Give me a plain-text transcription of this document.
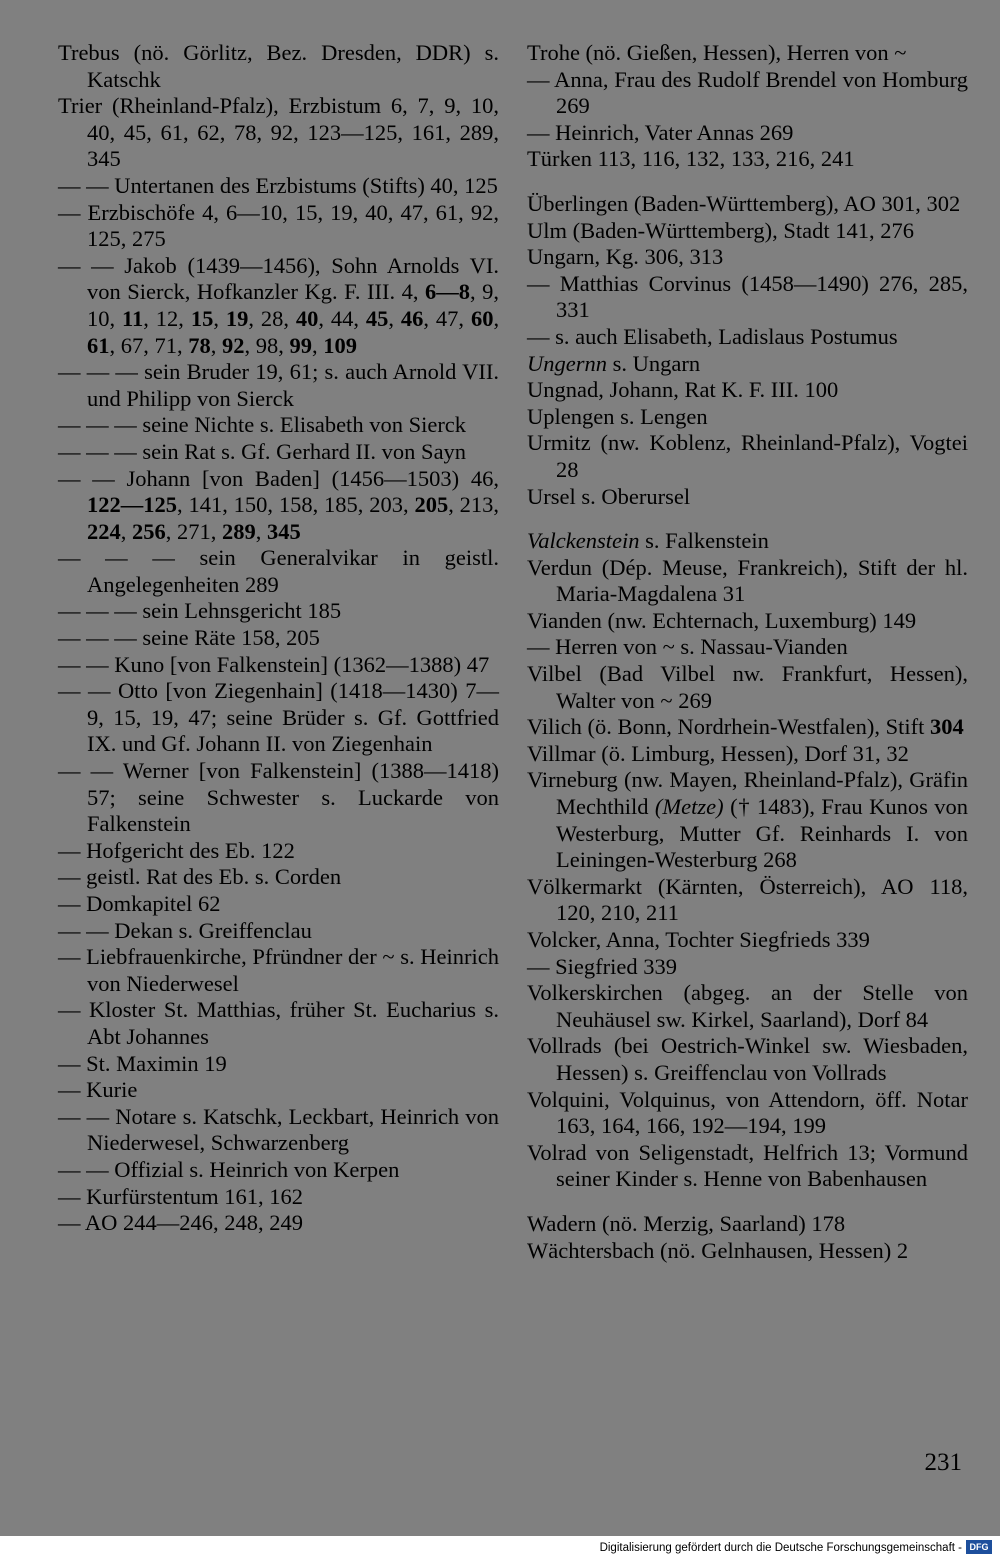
Trebus (nö. Görlitz, Bez. Dresden, DDR) s. Katschk
Trier (Rheinland-Pfalz), Erzbistum 6, 7, 9, 10, 40, 45, 61, 62, 78, 92, 123—125, 161, 289, 345
— — Untertanen des Erzbistums (Stifts) 40, 125
— Erzbischöfe 4, 6—10, 15, 19, 40, 47, 61, 92, 125, 275
— — Jakob (1439—1456), Sohn Arnolds VI. von Sierck, Hofkanzler Kg. F. III. 4, 6—8, 9, 10, 11, 12, 15, 19, 28, 40, 44, 45, 46, 47, 60, 61, 67, 71, 78, 92, 98, 99, 109
— — — sein Bruder 19, 61; s. auch Arnold VII. und Philipp von Sierck
— — — seine Nichte s. Elisabeth von Sierck
— — — sein Rat s. Gf. Gerhard II. von Sayn
— — Johann [von Baden] (1456—1503) 46, 122—125, 141, 150, 158, 185, 203, 205, 213, 224, 256, 271, 289, 345
— — — sein Generalvikar in geistl. Angelegenheiten 289
— — — sein Lehnsgericht 185
— — — seine Räte 158, 205
— — Kuno [von Falkenstein] (1362—1388) 47
— — Otto [von Ziegenhain] (1418—1430) 7—9, 15, 19, 47; seine Brüder s. Gf. Gottfried IX. und Gf. Johann II. von Ziegenhain
— — Werner [von Falkenstein] (1388—1418) 57; seine Schwester s. Luckarde von Falkenstein
— Hofgericht des Eb. 122
— geistl. Rat des Eb. s. Corden
— Domkapitel 62
— — Dekan s. Greiffenclau
— Liebfrauenkirche, Pfründner der ~ s. Heinrich von Niederwesel
— Kloster St. Matthias, früher St. Eucharius s. Abt Johannes
— St. Maximin 19
— Kurie
— — Notare s. Katschk, Leckbart, Heinrich von Niederwesel, Schwarzenberg
— — Offizial s. Heinrich von Kerpen
— Kurfürstentum 161, 162
— AO 244—246, 248, 249
Trohe (nö. Gießen, Hessen), Herren von ~
— Anna, Frau des Rudolf Brendel von Homburg 269
— Heinrich, Vater Annas 269
Türken 113, 116, 132, 133, 216, 241
Überlingen (Baden-Württemberg), AO 301, 302
Ulm (Baden-Württemberg), Stadt 141, 276
Ungarn, Kg. 306, 313
— Matthias Corvinus (1458—1490) 276, 285, 331
— s. auch Elisabeth, Ladislaus Postumus
Ungernn s. Ungarn
Ungnad, Johann, Rat K. F. III. 100
Uplengen s. Lengen
Urmitz (nw. Koblenz, Rheinland-Pfalz), Vogtei 28
Ursel s. Oberursel
Valckenstein s. Falkenstein
Verdun (Dép. Meuse, Frankreich), Stift der hl. Maria-Magdalena 31
Vianden (nw. Echternach, Luxemburg) 149
— Herren von ~ s. Nassau-Vianden
Vilbel (Bad Vilbel nw. Frankfurt, Hessen), Walter von ~ 269
Vilich (ö. Bonn, Nordrhein-Westfalen), Stift 304
Villmar (ö. Limburg, Hessen), Dorf 31, 32
Virneburg (nw. Mayen, Rheinland-Pfalz), Gräfin Mechthild (Metze) († 1483), Frau Kunos von Westerburg, Mutter Gf. Reinhards I. von Leiningen-Westerburg 268
Völkermarkt (Kärnten, Österreich), AO 118, 120, 210, 211
Volcker, Anna, Tochter Siegfrieds 339
— Siegfried 339
Volkerskirchen (abgeg. an der Stelle von Neuhäusel sw. Kirkel, Saarland), Dorf 84
Vollrads (bei Oestrich-Winkel sw. Wiesbaden, Hessen) s. Greiffenclau von Vollrads
Volquini, Volquinus, von Attendorn, öff. Notar 163, 164, 166, 192—194, 199
Volrad von Seligenstadt, Helfrich 13; Vormund seiner Kinder s. Henne von Babenhausen
Wadern (nö. Merzig, Saarland) 178
Wächtersbach (nö. Gelnhausen, Hessen) 2
231
Digitalisierung gefördert durch die Deutsche Forschungsgemeinschaft - DFG
